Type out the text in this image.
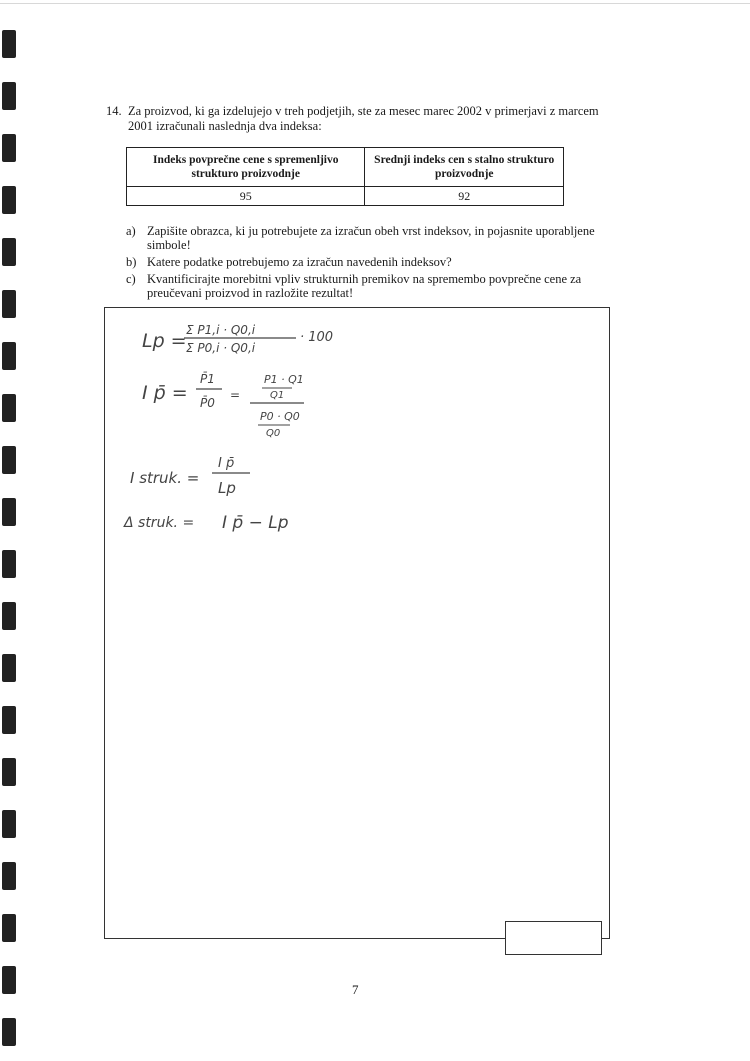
14. Za proizvod, ki ga izdelujejo v treh podjetjih, ste za mesec marec 2002 v primerjavi z marcem 2001 izračunali naslednja dva indeksa:
Indeks povprečne cene s spremenljivo strukturo proizvodnje	Srednji indeks cen s stalno strukturo proizvodnje
95	92
a) Zapišite obrazca, ki ju potrebujete za izračun obeh vrst indeksov, in pojasnite uporabljene simbole!
b) Katere podatke potrebujemo za izračun navedenih indeksov?
c) Kvantificirajte morebitni vpliv strukturnih premikov na spremembo povprečne cene za preučevani proizvod in razložite rezultat!
Lp = Σ P1,i · Q0,i
Σ P0,i · Q0,i
· 100
I p̄ =
P̄1
P̄0
=
P1 · Q1
Q1
P0 · Q0
Q0
I struk. =
I p̄
Lp
Δ struk. = I p̄ − Lp
7
